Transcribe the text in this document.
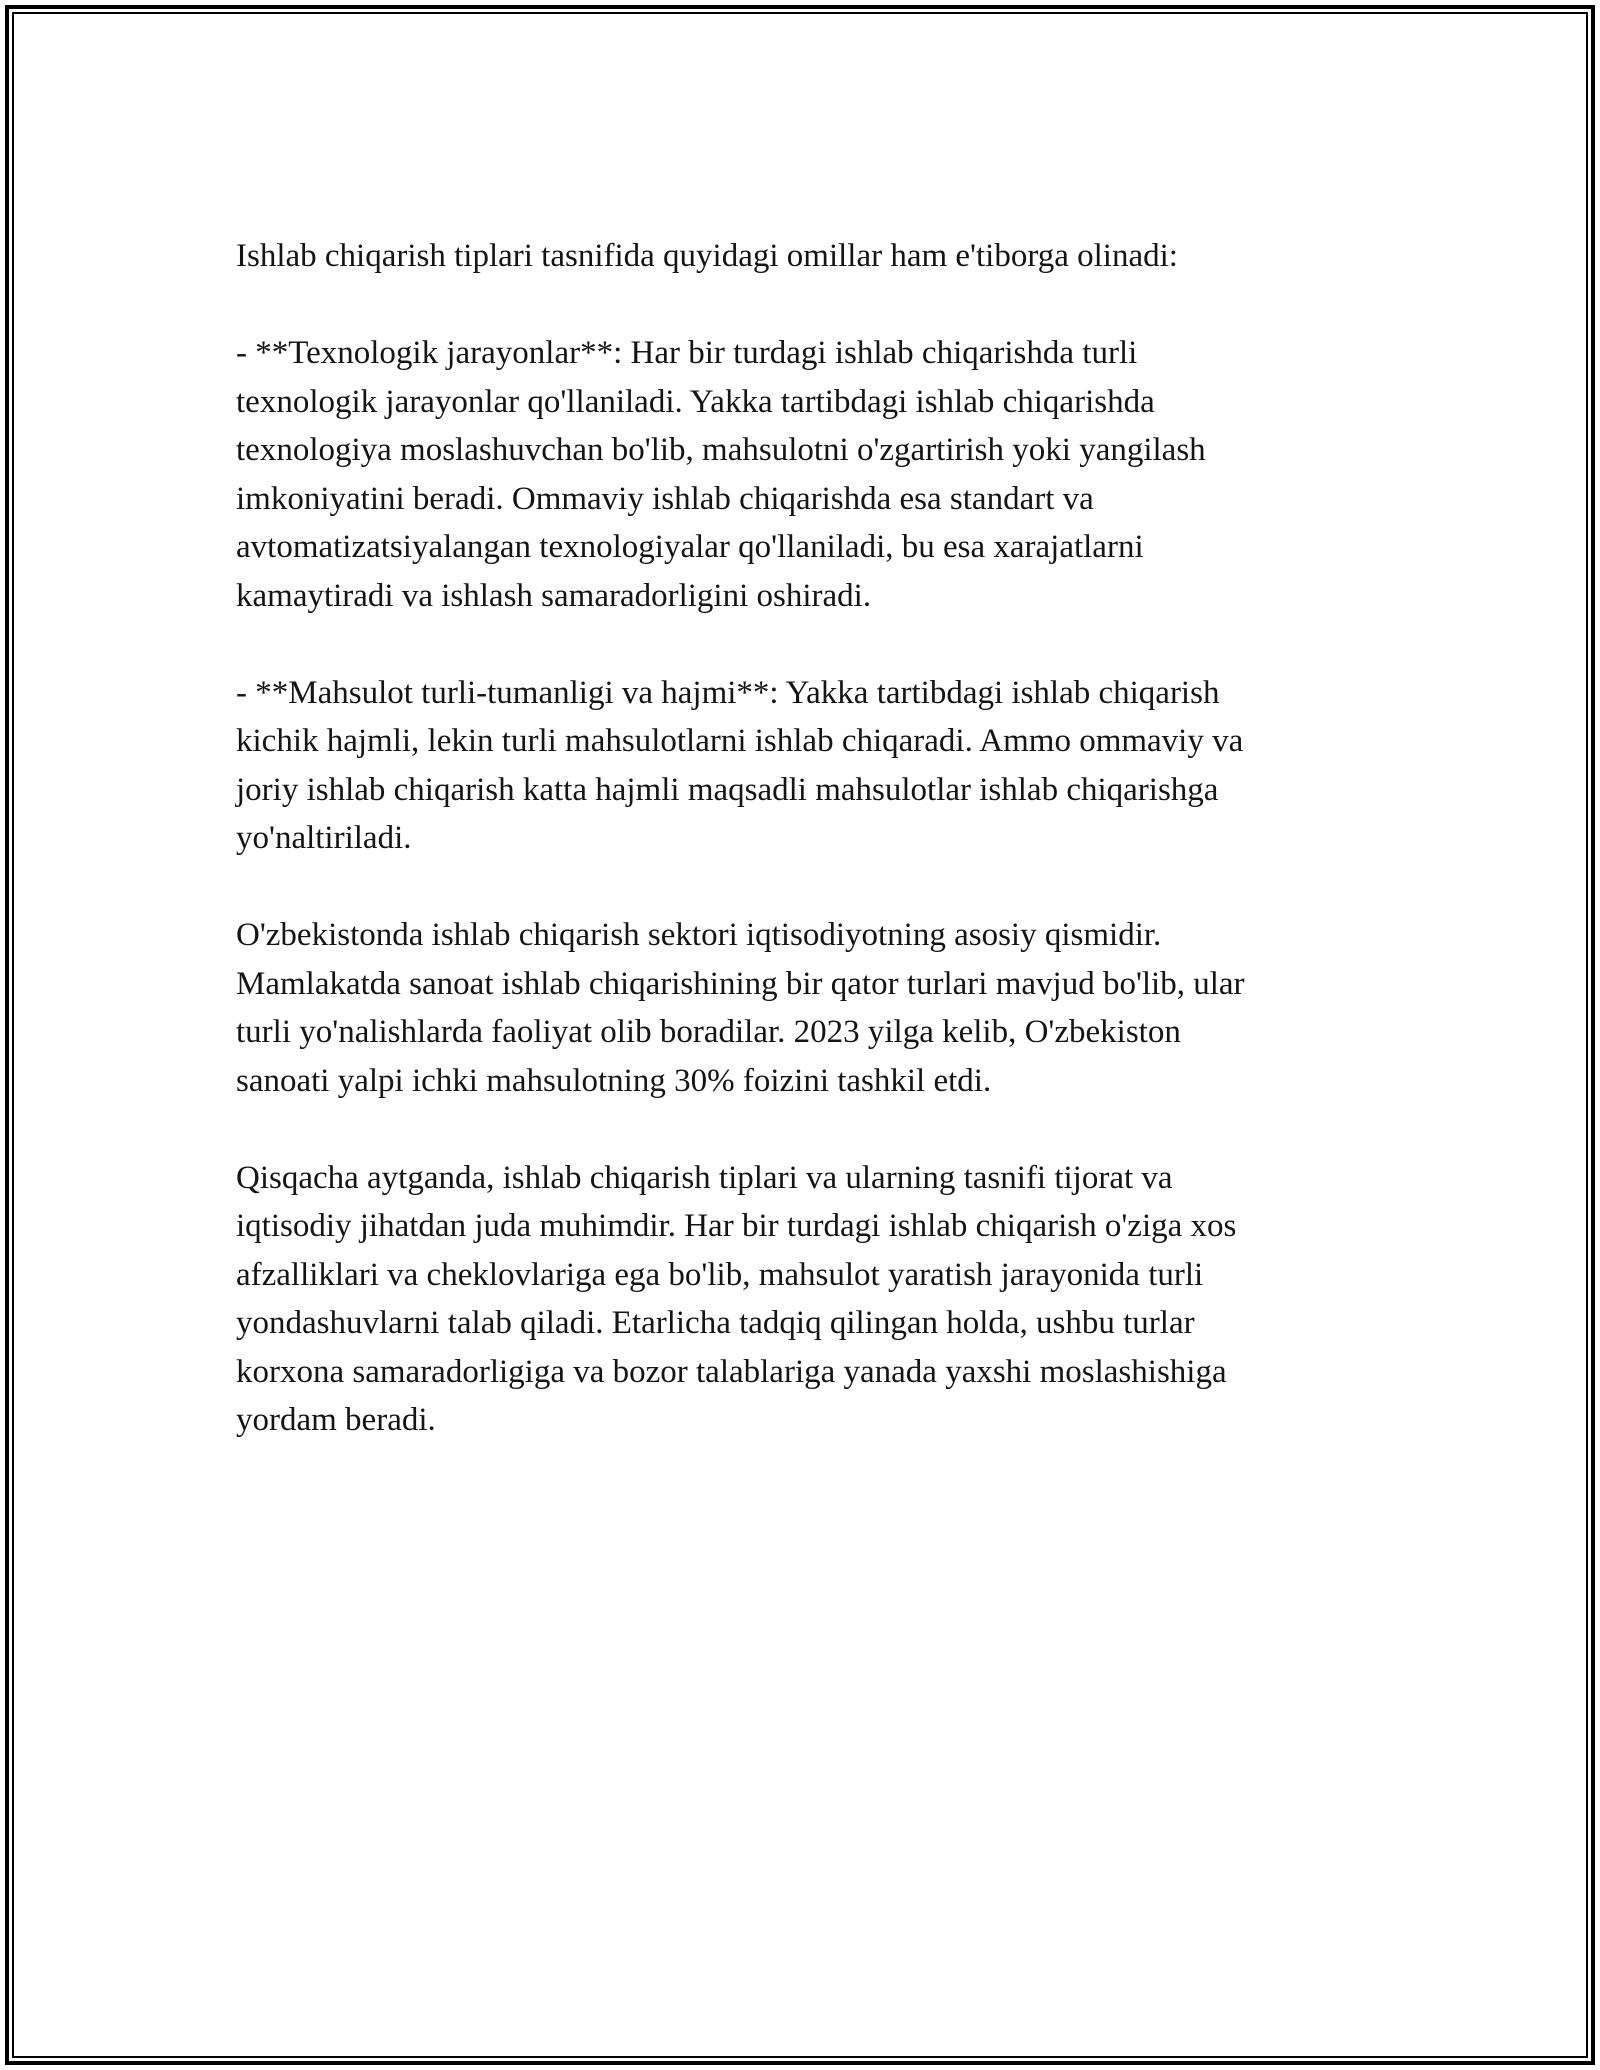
Ishlab chiqarish tiplari tasnifida quyidagi omillar ham e'tiborga olinadi:
- **Texnologik jarayonlar**: Har bir turdagi ishlab chiqarishda turli
texnologik jarayonlar qo'llaniladi. Yakka tartibdagi ishlab chiqarishda
texnologiya moslashuvchan bo'lib, mahsulotni o'zgartirish yoki yangilash
imkoniyatini beradi. Ommaviy ishlab chiqarishda esa standart va
avtomatizatsiyalangan texnologiyalar qo'llaniladi, bu esa xarajatlarni
kamaytiradi va ishlash samaradorligini oshiradi.
- **Mahsulot turli-tumanligi va hajmi**: Yakka tartibdagi ishlab chiqarish
kichik hajmli, lekin turli mahsulotlarni ishlab chiqaradi. Ammo ommaviy va
joriy ishlab chiqarish katta hajmli maqsadli mahsulotlar ishlab chiqarishga
yo'naltiriladi.
O'zbekistonda ishlab chiqarish sektori iqtisodiyotning asosiy qismidir.
Mamlakatda sanoat ishlab chiqarishining bir qator turlari mavjud bo'lib, ular
turli yo'nalishlarda faoliyat olib boradilar. 2023 yilga kelib, O'zbekiston
sanoati yalpi ichki mahsulotning 30% foizini tashkil etdi.
Qisqacha aytganda, ishlab chiqarish tiplari va ularning tasnifi tijorat va
iqtisodiy jihatdan juda muhimdir. Har bir turdagi ishlab chiqarish o'ziga xos
afzalliklari va cheklovlariga ega bo'lib, mahsulot yaratish jarayonida turli
yondashuvlarni talab qiladi. Etarlicha tadqiq qilingan holda, ushbu turlar
korxona samaradorligiga va bozor talablariga yanada yaxshi moslashishiga
yordam beradi.
